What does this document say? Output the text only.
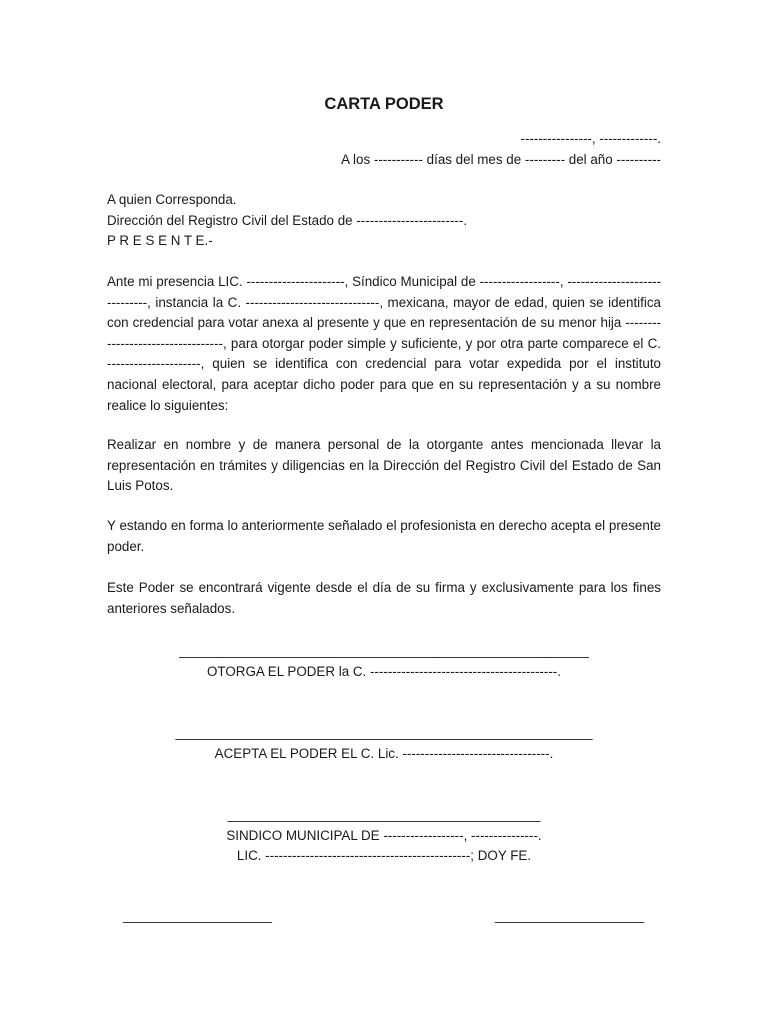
CARTA PODER
----------------, -------------.
A los ----------- días del mes de --------- del año ----------
A quien Corresponda.
Dirección del Registro Civil del Estado de ------------------------.
P R E S E N T E.-

Ante mi presencia LIC. ----------------------, Síndico Municipal de ------------------, ------------------------------, instancia la C. ------------------------------, mexicana, mayor de edad, quien se identifica con credencial para votar anexa al presente y que en representación de su menor hija ----------------------------------, para otorgar poder simple y suficiente, y por otra parte comparece el C. ---------------------, quien se identifica con credencial para votar expedida por el instituto nacional electoral, para aceptar dicho poder para que en su representación y a su nombre realice lo siguientes:

Realizar en nombre y de manera personal de la otorgante antes mencionada llevar la representación en trámites y diligencias en la Dirección del Registro Civil del Estado de San Luis Potos.

Y estando en forma lo anteriormente señalado el profesionista en derecho acepta el presente poder.

Este Poder se encontrará vigente desde el día de su firma y exclusivamente para los fines anteriores señalados.

_______________________________________________________
OTORGA EL PODER la C. ------------------------------------------.
________________________________________________________
ACEPTA EL PODER EL C. Lic. ---------------------------------.
__________________________________________
SINDICO MUNICIPAL DE ------------------, ---------------.
LIC. ----------------------------------------------; DOY FE.
____________________	____________________
